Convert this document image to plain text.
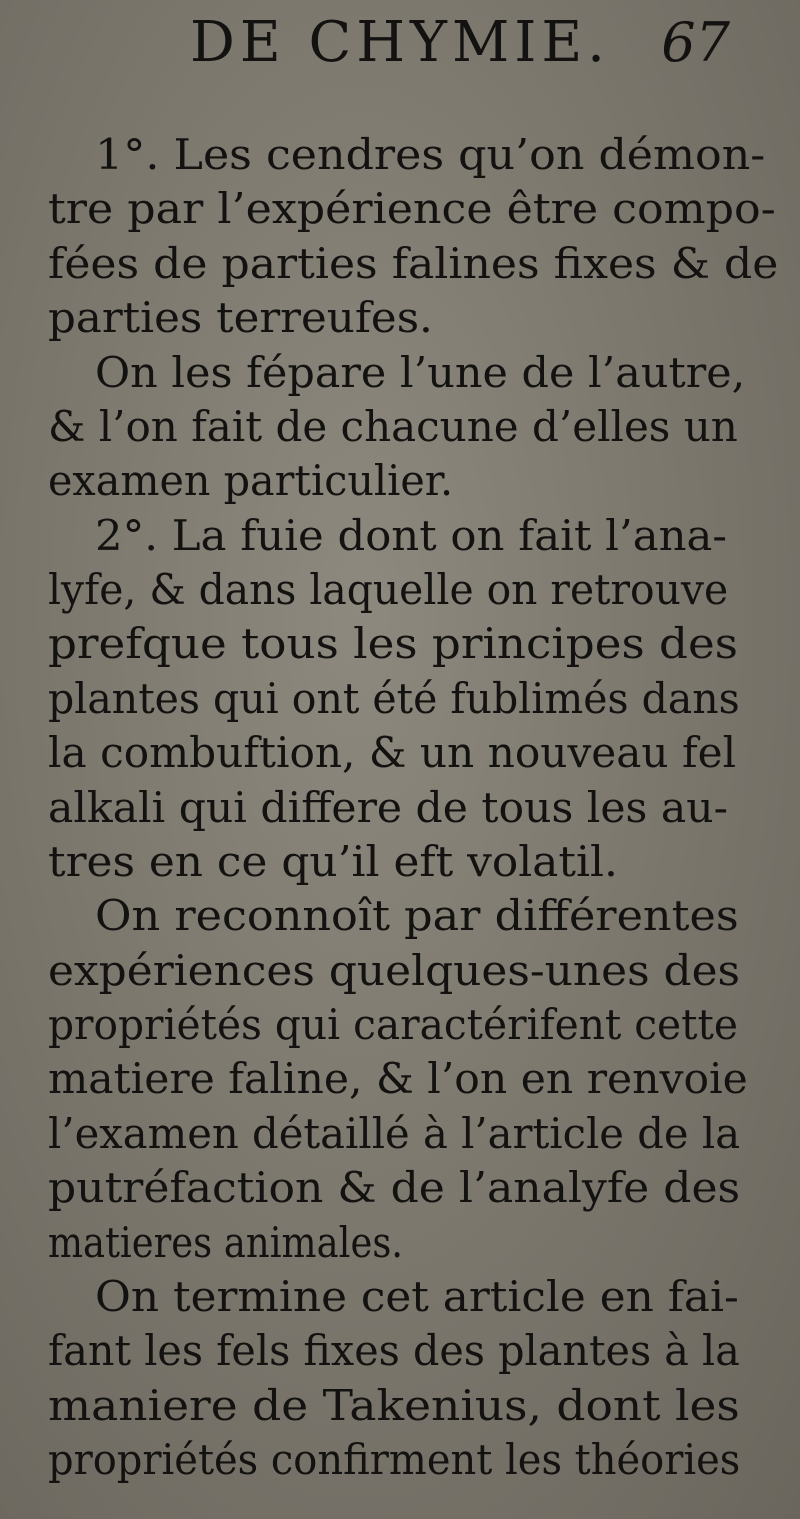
DE CHYMIE. 67
1°. Les cendres qu’on démon-
tre par l’expérience être compo-
fées de parties falines fixes & de
parties terreufes.
On les fépare l’une de l’autre,
& l’on fait de chacune d’elles un
examen particulier.
2°. La fuie dont on fait l’ana-
lyfe, & dans laquelle on retrouve
prefque tous les principes des
plantes qui ont été fublimés dans
la combuftion, & un nouveau fel
alkali qui differe de tous les au-
tres en ce qu’il eft volatil.
On reconnoît par différentes
expériences quelques-unes des
propriétés qui caractérifent cette
matiere faline, & l’on en renvoie
l’examen détaillé à l’article de la
putréfaction & de l’analyfe des
matieres animales.
On termine cet article en fai-
fant les fels fixes des plantes à la
maniere de Takenius, dont les
propriétés confirment les théories
